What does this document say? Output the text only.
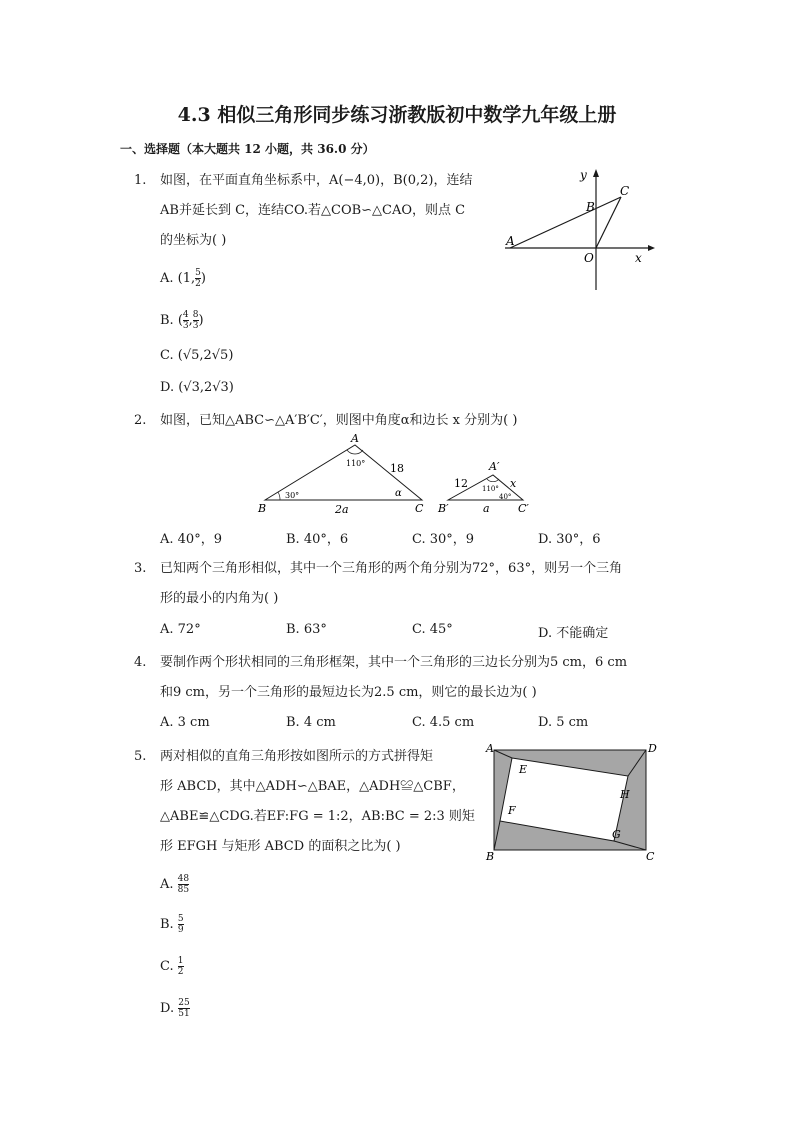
4.3 相似三角形同步练习浙教版初中数学九年级上册
一、选择题（本大题共 12 小题，共 36.0 分）
1. 如图，在平面直角坐标系中，A(−4,0)，B(0,2)，连结
AB并延长到 C，连结CO.若△COB∽△CAO，则点 C
的坐标为( )
A. (1, $\frac{5}{2}$ )
B. ( $\frac{4}{3}$ , $\frac{8}{3}$ )
C. (√5,2√5)
D. (√3,2√3)
y
x
C
B
A
O
2. 如图，已知△ABC∽△A′B′C′，则图中角度α和边长 x 分别为( )
A
B	C
110°
30°	α
18
2a
A′
B′	C′
110°
40°
12	x
a
A. 40°，9	B. 40°，6	C. 30°，9	D. 30°，6
3. 已知两个三角形相似，其中一个三角形的两个角分别为72°，63°，则另一个三角
形的最小的内角为( )
A. 72°	B. 63°	C. 45°	D. 不能确定
4. 要制作两个形状相同的三角形框架，其中一个三角形的三边长分别为5 cm，6 cm
和9 cm，另一个三角形的最短边长为2.5 cm，则它的最长边为( )
A. 3 cm	B. 4 cm	C. 4.5 cm	D. 5 cm
5. 两对相似的直角三角形按如图所示的方式拼得矩
形 ABCD，其中△ADH∽△BAE，△ADH≌△CBF，
△ABE≌△CDG.若EF:FG = 1:2，AB:BC = 2:3 则矩
形 EFGH 与矩形 ABCD 的面积之比为( )
A	D
E
H
F
G
B	C
A. $\frac{48}{85}$
B. $\frac{5}{9}$
C. $\frac{1}{2}$
D. $\frac{25}{51}$
